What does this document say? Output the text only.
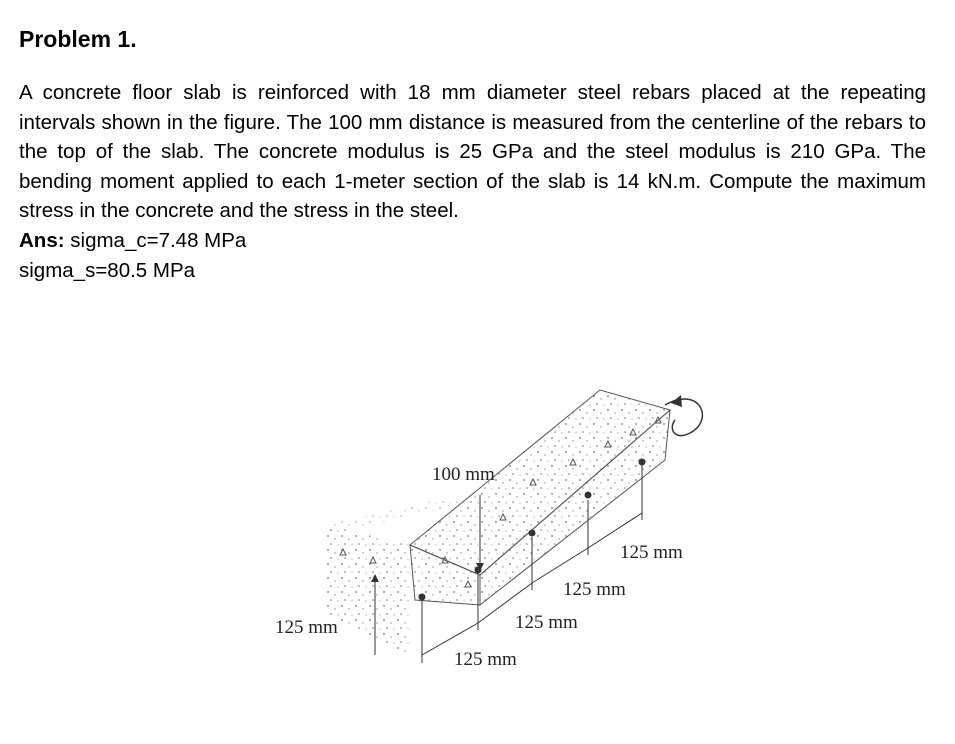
Problem 1.

A concrete floor slab is reinforced with 18 mm diameter steel rebars placed at the repeating intervals shown in the figure. The 100 mm distance is measured from the centerline of the rebars to the top of the slab. The concrete modulus is 25 GPa and the steel modulus is 210 GPa. The bending moment applied to each 1-meter section of the slab is 14 kN.m. Compute the maximum stress in the concrete and the stress in the steel.

Ans: sigma_c=7.48 MPa
sigma_s=80.5 MPa
100 mm
125 mm
125 mm
125 mm
125 mm
125 mm
